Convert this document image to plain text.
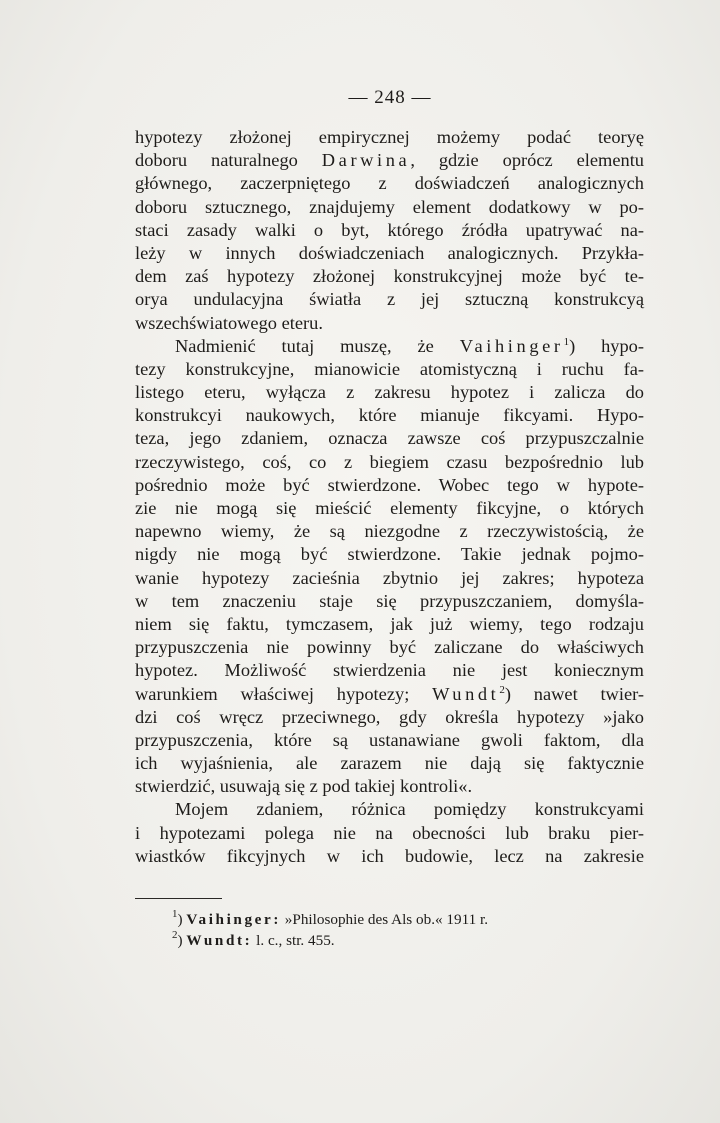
— 248 —
hypotezy złożonej empirycznej możemy podać teoryę
doboru naturalnego Darwina, gdzie oprócz elementu
głównego, zaczerpniętego z doświadczeń analogicznych
doboru sztucznego, znajdujemy element dodatkowy w po-
staci zasady walki o byt, którego źródła upatrywać na-
leży w innych doświadczeniach analogicznych. Przykła-
dem zaś hypotezy złożonej konstrukcyjnej może być te-
orya undulacyjna światła z jej sztuczną konstrukcyą
wszechświatowego eteru.
Nadmienić tutaj muszę, że Vaihinger$^1$) hypo-
tezy konstrukcyjne, mianowicie atomistyczną i ruchu fa-
listego eteru, wyłącza z zakresu hypotez i zalicza do
konstrukcyi naukowych, które mianuje fikcyami. Hypo-
teza, jego zdaniem, oznacza zawsze coś przypuszczalnie
rzeczywistego, coś, co z biegiem czasu bezpośrednio lub
pośrednio może być stwierdzone. Wobec tego w hypote-
zie nie mogą się mieścić elementy fikcyjne, o których
napewno wiemy, że są niezgodne z rzeczywistością, że
nigdy nie mogą być stwierdzone. Takie jednak pojmo-
wanie hypotezy zacieśnia zbytnio jej zakres; hypoteza
w tem znaczeniu staje się przypuszczaniem, domyśla-
niem się faktu, tymczasem, jak już wiemy, tego rodzaju
przypuszczenia nie powinny być zaliczane do właściwych
hypotez. Możliwość stwierdzenia nie jest koniecznym
warunkiem właściwej hypotezy; Wundt$^2$) nawet twier-
dzi coś wręcz przeciwnego, gdy określa hypotezy »jako
przypuszczenia, które są ustanawiane gwoli faktom, dla
ich wyjaśnienia, ale zarazem nie dają się faktycznie
stwierdzić, usuwają się z pod takiej kontroli«.
Mojem zdaniem, różnica pomiędzy konstrukcyami
i hypotezami polega nie na obecności lub braku pier-
wiastków fikcyjnych w ich budowie, lecz na zakresie
$^1$) Vaihinger: »Philosophie des Als ob.« 1911 r.
$^2$) Wundt: l. c., str. 455.
